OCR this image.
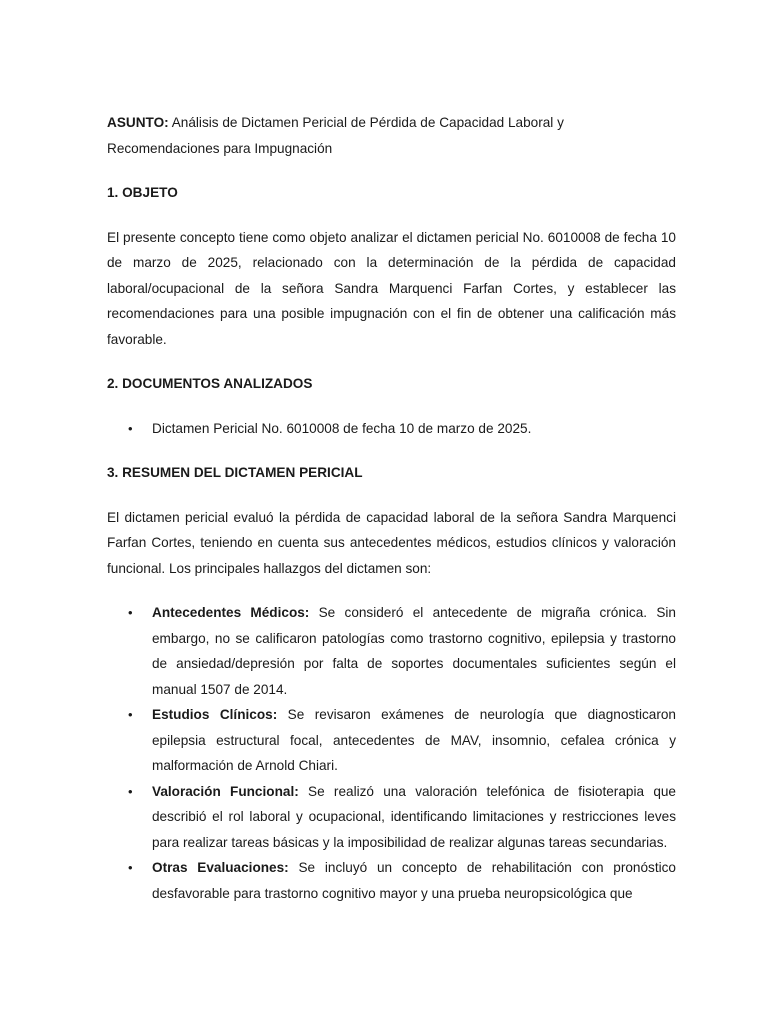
ASUNTO: Análisis de Dictamen Pericial de Pérdida de Capacidad Laboral y Recomendaciones para Impugnación

1. OBJETO

El presente concepto tiene como objeto analizar el dictamen pericial No. 6010008 de fecha 10 de marzo de 2025, relacionado con la determinación de la pérdida de capacidad laboral/ocupacional de la señora Sandra Marquenci Farfan Cortes, y establecer las recomendaciones para una posible impugnación con el fin de obtener una calificación más favorable.

2. DOCUMENTOS ANALIZADOS

• Dictamen Pericial No. 6010008 de fecha 10 de marzo de 2025.

3. RESUMEN DEL DICTAMEN PERICIAL

El dictamen pericial evaluó la pérdida de capacidad laboral de la señora Sandra Marquenci Farfan Cortes, teniendo en cuenta sus antecedentes médicos, estudios clínicos y valoración funcional. Los principales hallazgos del dictamen son:

• Antecedentes Médicos: Se consideró el antecedente de migraña crónica. Sin embargo, no se calificaron patologías como trastorno cognitivo, epilepsia y trastorno de ansiedad/depresión por falta de soportes documentales suficientes según el manual 1507 de 2014.
• Estudios Clínicos: Se revisaron exámenes de neurología que diagnosticaron epilepsia estructural focal, antecedentes de MAV, insomnio, cefalea crónica y malformación de Arnold Chiari.
• Valoración Funcional: Se realizó una valoración telefónica de fisioterapia que describió el rol laboral y ocupacional, identificando limitaciones y restricciones leves para realizar tareas básicas y la imposibilidad de realizar algunas tareas secundarias.
• Otras Evaluaciones: Se incluyó un concepto de rehabilitación con pronóstico desfavorable para trastorno cognitivo mayor y una prueba neuropsicológica que
